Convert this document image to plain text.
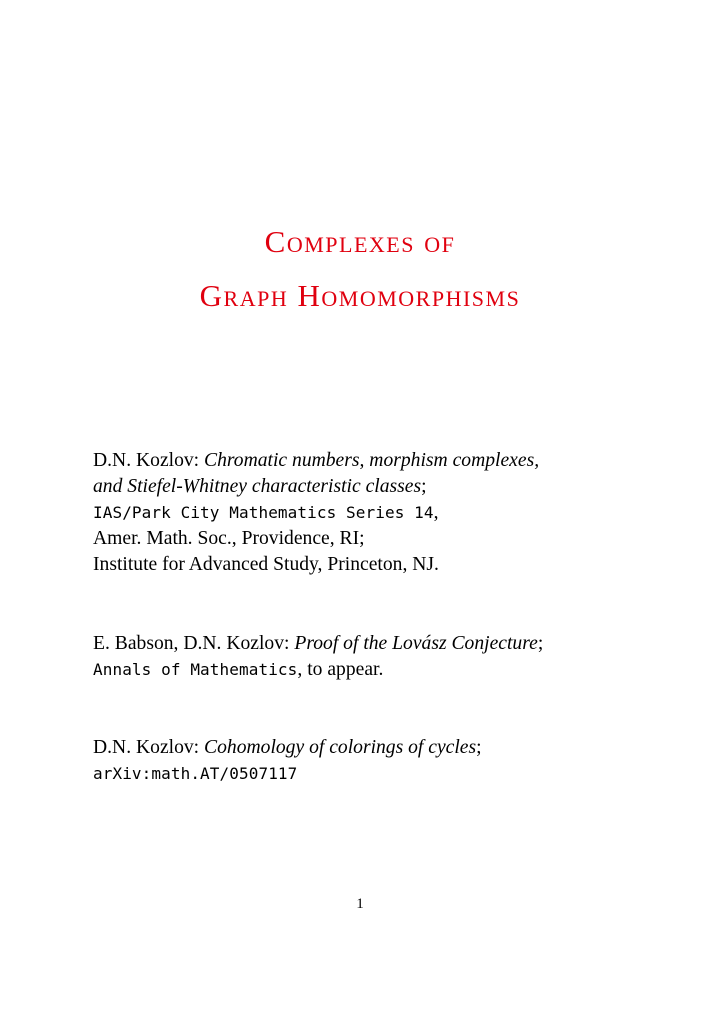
Complexes of
Graph Homomorphisms
D.N. Kozlov: Chromatic numbers, morphism complexes,
and Stiefel-Whitney characteristic classes;
IAS/Park City Mathematics Series 14,
Amer. Math. Soc., Providence, RI;
Institute for Advanced Study, Princeton, NJ.
E. Babson, D.N. Kozlov: Proof of the Lovász Conjecture;
Annals of Mathematics, to appear.
D.N. Kozlov: Cohomology of colorings of cycles;
arXiv:math.AT/0507117
1
